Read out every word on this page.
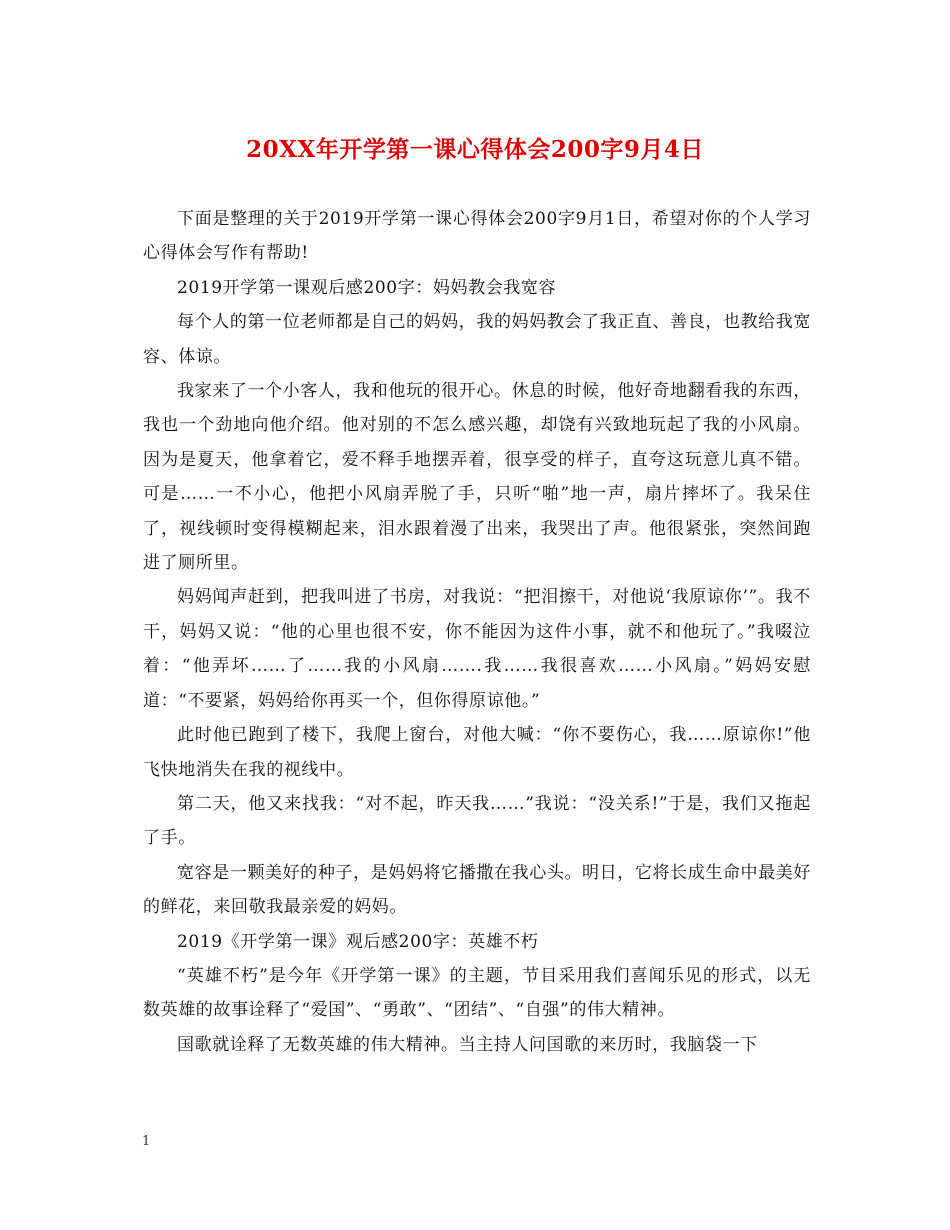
20XX年开学第一课心得体会200字9月4日

下面是整理的关于2019开学第一课心得体会200字9月1日，希望对你的个人学习心得体会写作有帮助!

2019开学第一课观后感200字：妈妈教会我宽容

每个人的第一位老师都是自己的妈妈，我的妈妈教会了我正直、善良，也教给我宽容、体谅。

我家来了一个小客人，我和他玩的很开心。休息的时候，他好奇地翻看我的东西，我也一个劲地向他介绍。他对别的不怎么感兴趣，却饶有兴致地玩起了我的小风扇。因为是夏天，他拿着它，爱不释手地摆弄着，很享受的样子，直夸这玩意儿真不错。可是……一不小心，他把小风扇弄脱了手，只听“啪”地一声，扇片摔坏了。我呆住了，视线顿时变得模糊起来，泪水跟着漫了出来，我哭出了声。他很紧张，突然间跑进了厕所里。

妈妈闻声赶到，把我叫进了书房，对我说：“把泪擦干，对他说‘我原谅你’”。我不干，妈妈又说：“他的心里也很不安，你不能因为这件小事，就不和他玩了。”我啜泣着：“他弄坏……了……我的小风扇…….我……我很喜欢……小风扇。”妈妈安慰道：“不要紧，妈妈给你再买一个，但你得原谅他。”

此时他已跑到了楼下，我爬上窗台，对他大喊：“你不要伤心，我……原谅你!”他飞快地消失在我的视线中。

第二天，他又来找我：“对不起，昨天我……”我说：“没关系!”于是，我们又拖起了手。

宽容是一颗美好的种子，是妈妈将它播撒在我心头。明日，它将长成生命中最美好的鲜花，来回敬我最亲爱的妈妈。

2019《开学第一课》观后感200字：英雄不朽

“英雄不朽”是今年《开学第一课》的主题，节目采用我们喜闻乐见的形式，以无数英雄的故事诠释了“爱国”、“勇敢”、“团结”、“自强”的伟大精神。

国歌就诠释了无数英雄的伟大精神。当主持人问国歌的来历时，我脑袋一下

1
